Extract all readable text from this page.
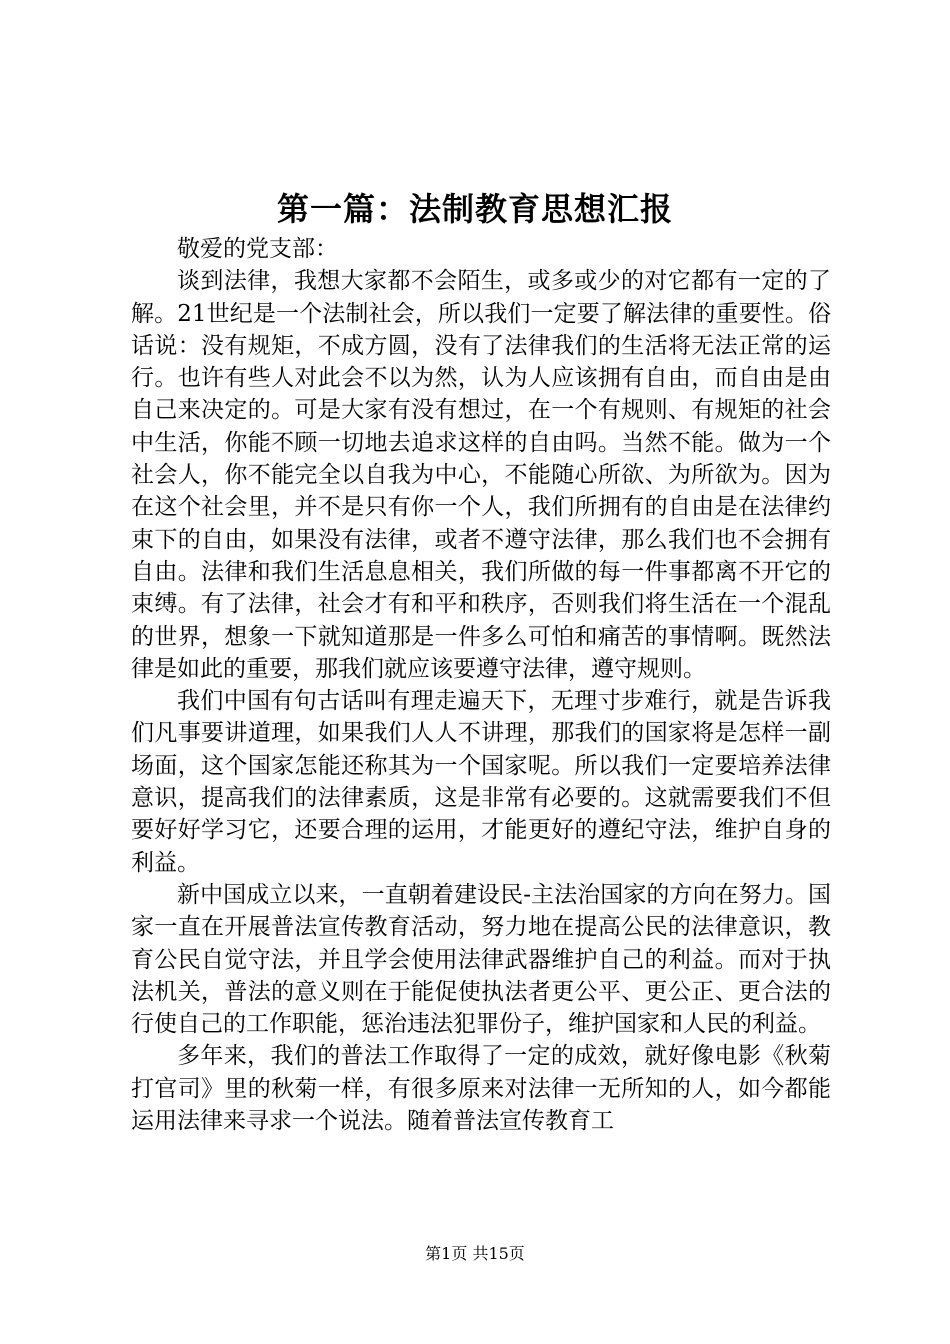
第一篇：法制教育思想汇报

敬爱的党支部：

谈到法律，我想大家都不会陌生，或多或少的对它都有一定的了解。21世纪是一个法制社会，所以我们一定要了解法律的重要性。俗话说：没有规矩，不成方圆，没有了法律我们的生活将无法正常的运行。也许有些人对此会不以为然，认为人应该拥有自由，而自由是由自己来决定的。可是大家有没有想过，在一个有规则、有规矩的社会中生活，你能不顾一切地去追求这样的自由吗。当然不能。做为一个社会人，你不能完全以自我为中心，不能随心所欲、为所欲为。因为在这个社会里，并不是只有你一个人，我们所拥有的自由是在法律约束下的自由，如果没有法律，或者不遵守法律，那么我们也不会拥有自由。法律和我们生活息息相关，我们所做的每一件事都离不开它的束缚。有了法律，社会才有和平和秩序，否则我们将生活在一个混乱的世界，想象一下就知道那是一件多么可怕和痛苦的事情啊。既然法律是如此的重要，那我们就应该要遵守法律，遵守规则。

我们中国有句古话叫有理走遍天下，无理寸步难行，就是告诉我们凡事要讲道理，如果我们人人不讲理，那我们的国家将是怎样一副场面，这个国家怎能还称其为一个国家呢。所以我们一定要培养法律意识，提高我们的法律素质，这是非常有必要的。这就需要我们不但要好好学习它，还要合理的运用，才能更好的遵纪守法，维护自身的利益。

新中国成立以来，一直朝着建设民-主法治国家的方向在努力。国家一直在开展普法宣传教育活动，努力地在提高公民的法律意识，教育公民自觉守法，并且学会使用法律武器维护自己的利益。而对于执法机关，普法的意义则在于能促使执法者更公平、更公正、更合法的行使自己的工作职能，惩治违法犯罪份子，维护国家和人民的利益。

多年来，我们的普法工作取得了一定的成效，就好像电影《秋菊打官司》里的秋菊一样，有很多原来对法律一无所知的人，如今都能运用法律来寻求一个说法。随着普法宣传教育工

第1页 共15页
